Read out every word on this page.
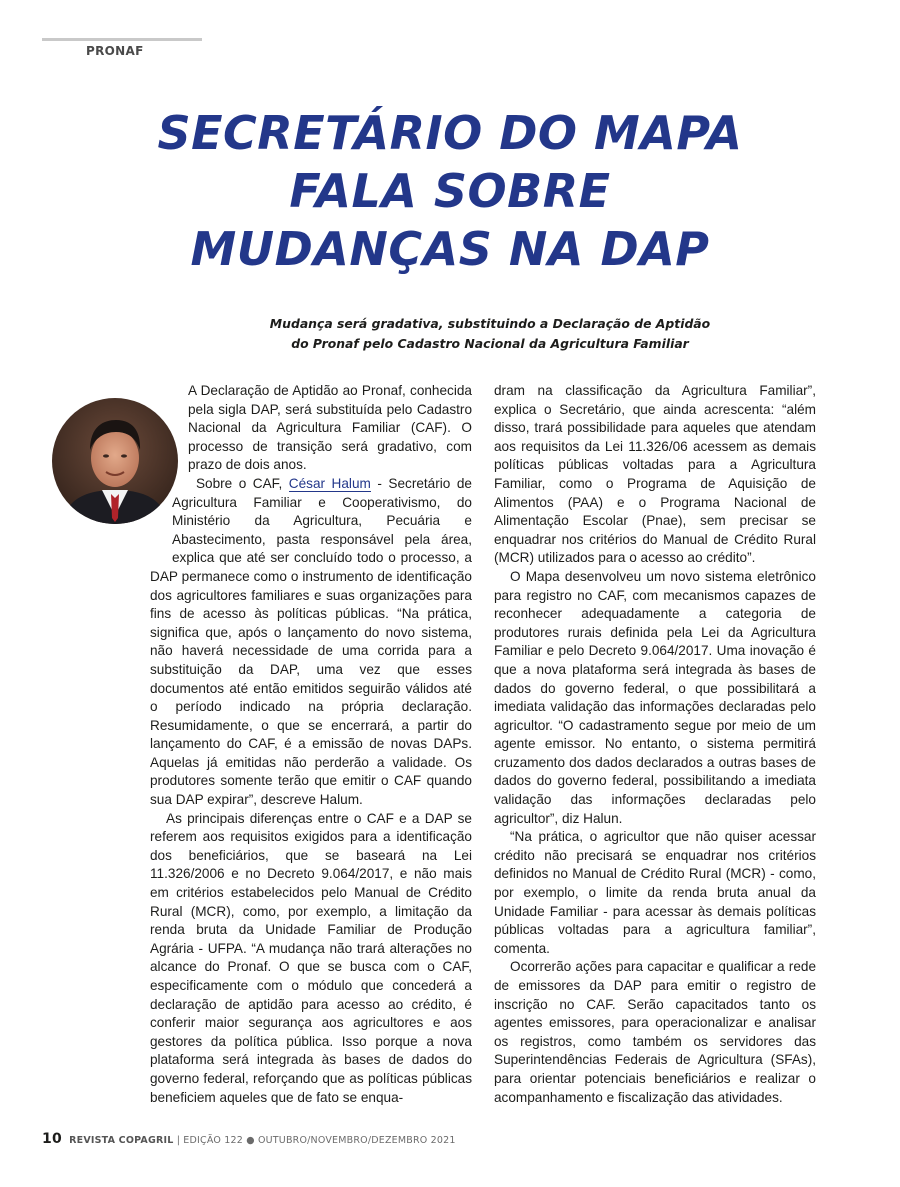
PRONAF
SECRETÁRIO DO MAPA
FALA SOBRE
MUDANÇAS NA DAP
Mudança será gradativa, substituindo a Declaração de Aptidão
do Pronaf pelo Cadastro Nacional da Agricultura Familiar

A Declaração de Aptidão ao Pronaf, conhecida pela sigla DAP, será substituída pelo Cadastro Nacional da Agricultura Familiar (CAF). O processo de transição será gradativo, com prazo de dois anos.

Sobre o CAF, César Halum - Secretário de Agricultura Familiar e Cooperativismo, do Ministério da Agricultura, Pecuária e Abastecimento, pasta responsável pela área, explica que até ser concluído todo o processo, a DAP permanece como o instrumento de identificação dos agricultores familiares e suas organizações para fins de acesso às políticas públicas. “Na prática, significa que, após o lançamento do novo sistema, não haverá necessidade de uma corrida para a substituição da DAP, uma vez que esses documentos até então emitidos seguirão válidos até o período indicado na própria declaração. Resumidamente, o que se encerrará, a partir do lançamento do CAF, é a emissão de novas DAPs. Aquelas já emitidas não perderão a validade. Os produtores somente terão que emitir o CAF quando sua DAP expirar”, descreve Halum.

As principais diferenças entre o CAF e a DAP se referem aos requisitos exigidos para a identificação dos beneficiários, que se baseará na Lei 11.326/2006 e no Decreto 9.064/2017, e não mais em critérios estabelecidos pelo Manual de Crédito Rural (MCR), como, por exemplo, a limitação da renda bruta da Unidade Familiar de Produção Agrária - UFPA. “A mudança não trará alterações no alcance do Pronaf. O que se busca com o CAF, especificamente com o módulo que concederá a declaração de aptidão para acesso ao crédito, é conferir maior segurança aos agricultores e aos gestores da política pública. Isso porque a nova plataforma será integrada às bases de dados do governo federal, reforçando que as políticas públicas beneficiem aqueles que de fato se enqua-

dram na classificação da Agricultura Familiar”, explica o Secretário, que ainda acrescenta: “além disso, trará possibilidade para aqueles que atendam aos requisitos da Lei 11.326/06 acessem as demais políticas públicas voltadas para a Agricultura Familiar, como o Programa de Aquisição de Alimentos (PAA) e o Programa Nacional de Alimentação Escolar (Pnae), sem precisar se enquadrar nos critérios do Manual de Crédito Rural (MCR) utilizados para o acesso ao crédito”.

O Mapa desenvolveu um novo sistema eletrônico para registro no CAF, com mecanismos capazes de reconhecer adequadamente a categoria de produtores rurais definida pela Lei da Agricultura Familiar e pelo Decreto 9.064/2017. Uma inovação é que a nova plataforma será integrada às bases de dados do governo federal, o que possibilitará a imediata validação das informações declaradas pelo agricultor. “O cadastramento segue por meio de um agente emissor. No entanto, o sistema permitirá cruzamento dos dados declarados a outras bases de dados do governo federal, possibilitando a imediata validação das informações declaradas pelo agricultor”, diz Halun.

“Na prática, o agricultor que não quiser acessar crédito não precisará se enquadrar nos critérios definidos no Manual de Crédito Rural (MCR) - como, por exemplo, o limite da renda bruta anual da Unidade Familiar - para acessar às demais políticas públicas voltadas para a agricultura familiar”, comenta.

Ocorrerão ações para capacitar e qualificar a rede de emissores da DAP para emitir o registro de inscrição no CAF. Serão capacitados tanto os agentes emissores, para operacionalizar e analisar os registros, como também os servidores das Superintendências Federais de Agricultura (SFAs), para orientar potenciais beneficiários e realizar o acompanhamento e fiscalização das atividades.

10 REVISTA COPAGRIL | EDIÇÃO 122 ● OUTUBRO/NOVEMBRO/DEZEMBRO 2021
